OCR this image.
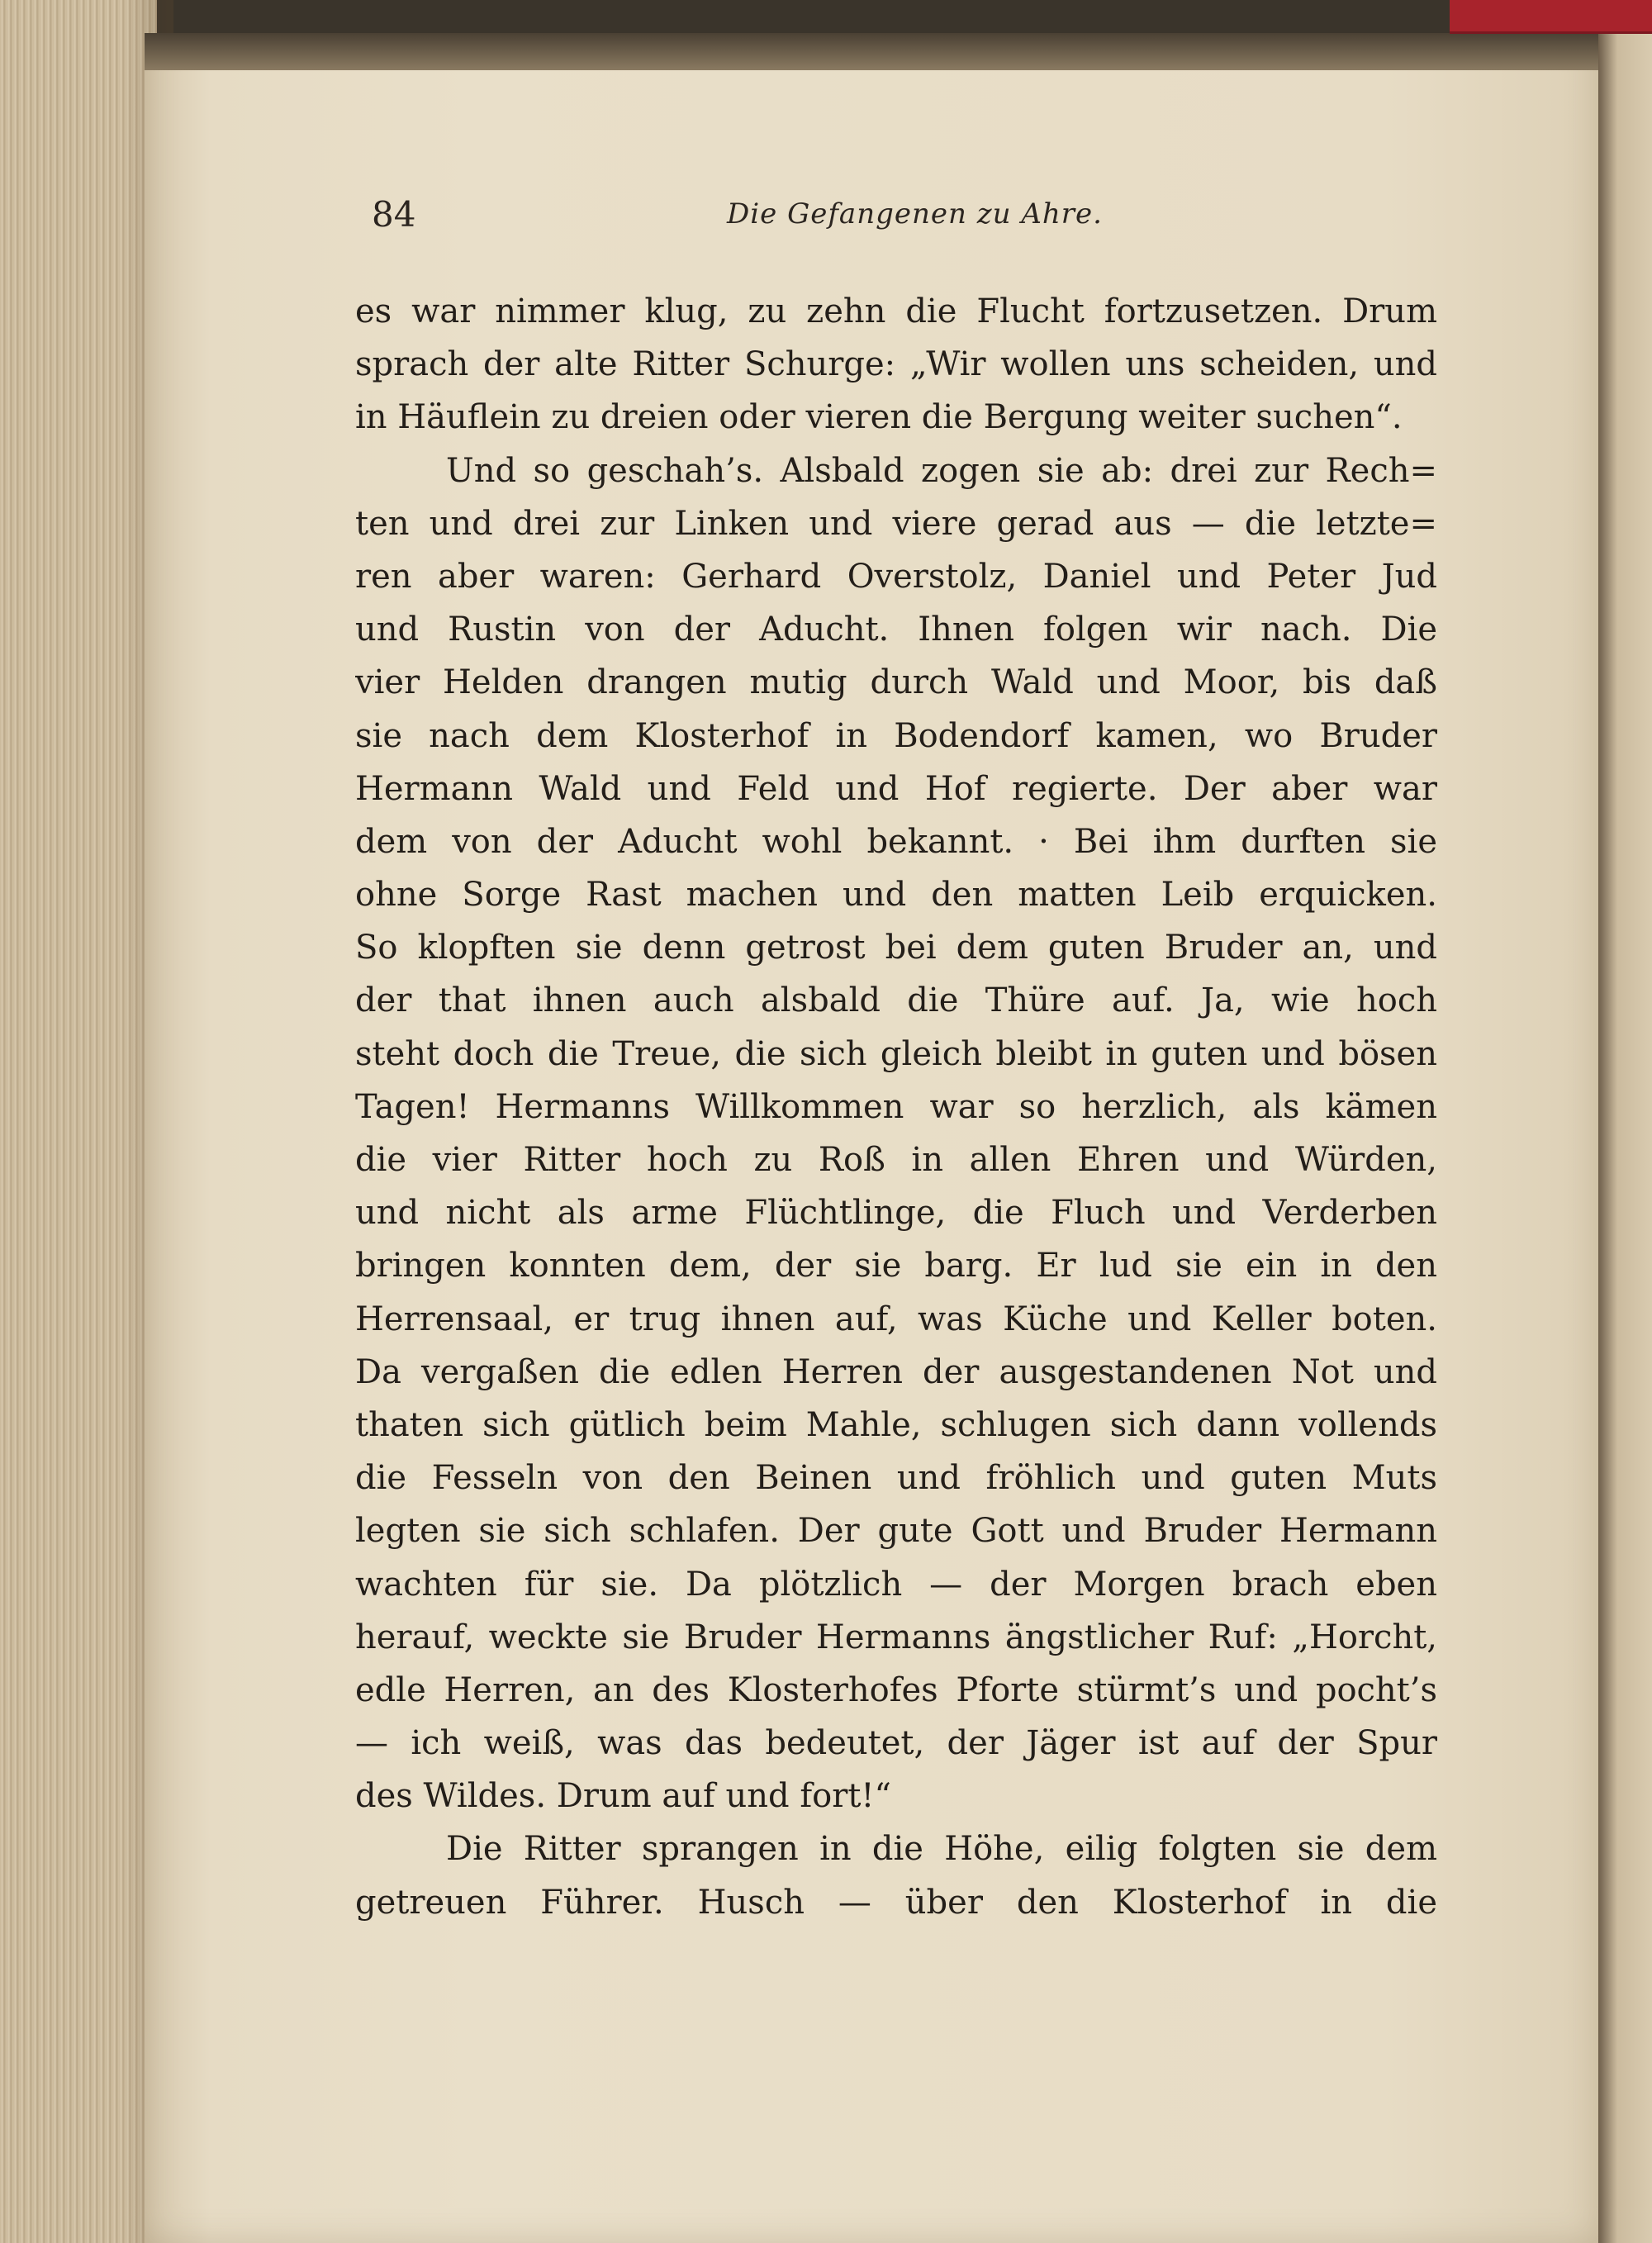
84	Die Gefangenen zu Ahre.
es war nimmer klug, zu zehn die Flucht fortzusetzen. Drum
sprach der alte Ritter Schurge: „Wir wollen uns scheiden, und
in Häuflein zu dreien oder vieren die Bergung weiter suchen“.
Und so geschah’s. Alsbald zogen sie ab: drei zur Rech=
ten und drei zur Linken und viere gerad aus — die letzte=
ren aber waren: Gerhard Overstolz, Daniel und Peter Jud
und Rustin von der Aducht. Ihnen folgen wir nach. Die
vier Helden drangen mutig durch Wald und Moor, bis daß
sie nach dem Klosterhof in Bodendorf kamen, wo Bruder
Hermann Wald und Feld und Hof regierte. Der aber war
dem von der Aducht wohl bekannt. · Bei ihm durften sie
ohne Sorge Rast machen und den matten Leib erquicken.
So klopften sie denn getrost bei dem guten Bruder an, und
der that ihnen auch alsbald die Thüre auf. Ja, wie hoch
steht doch die Treue, die sich gleich bleibt in guten und bösen
Tagen! Hermanns Willkommen war so herzlich, als kämen
die vier Ritter hoch zu Roß in allen Ehren und Würden,
und nicht als arme Flüchtlinge, die Fluch und Verderben
bringen konnten dem, der sie barg. Er lud sie ein in den
Herrensaal, er trug ihnen auf, was Küche und Keller boten.
Da vergaßen die edlen Herren der ausgestandenen Not und
thaten sich gütlich beim Mahle, schlugen sich dann vollends
die Fesseln von den Beinen und fröhlich und guten Muts
legten sie sich schlafen. Der gute Gott und Bruder Hermann
wachten für sie. Da plötzlich — der Morgen brach eben
herauf, weckte sie Bruder Hermanns ängstlicher Ruf: „Horcht,
edle Herren, an des Klosterhofes Pforte stürmt’s und pocht’s
— ich weiß, was das bedeutet, der Jäger ist auf der Spur
des Wildes. Drum auf und fort!“
Die Ritter sprangen in die Höhe, eilig folgten sie dem
getreuen Führer. Husch — über den Klosterhof in die
